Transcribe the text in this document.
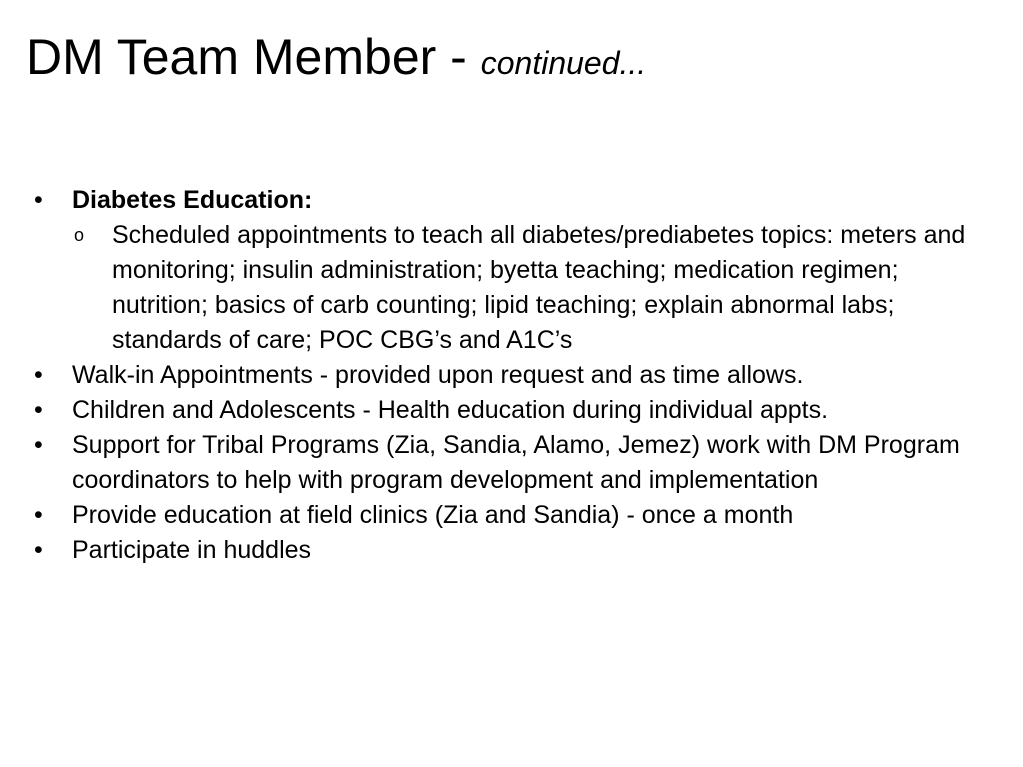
DM Team Member - continued...
• Diabetes Education:
o Scheduled appointments to teach all diabetes/prediabetes topics: meters and monitoring; insulin administration; byetta teaching; medication regimen; nutrition; basics of carb counting; lipid teaching; explain abnormal labs; standards of care; POC CBG’s and A1C’s
• Walk-in Appointments - provided upon request and as time allows.
• Children and Adolescents - Health education during individual appts.
• Support for Tribal Programs (Zia, Sandia, Alamo, Jemez) work with DM Program coordinators to help with program development and implementation
• Provide education at field clinics (Zia and Sandia) - once a month
• Participate in huddles
